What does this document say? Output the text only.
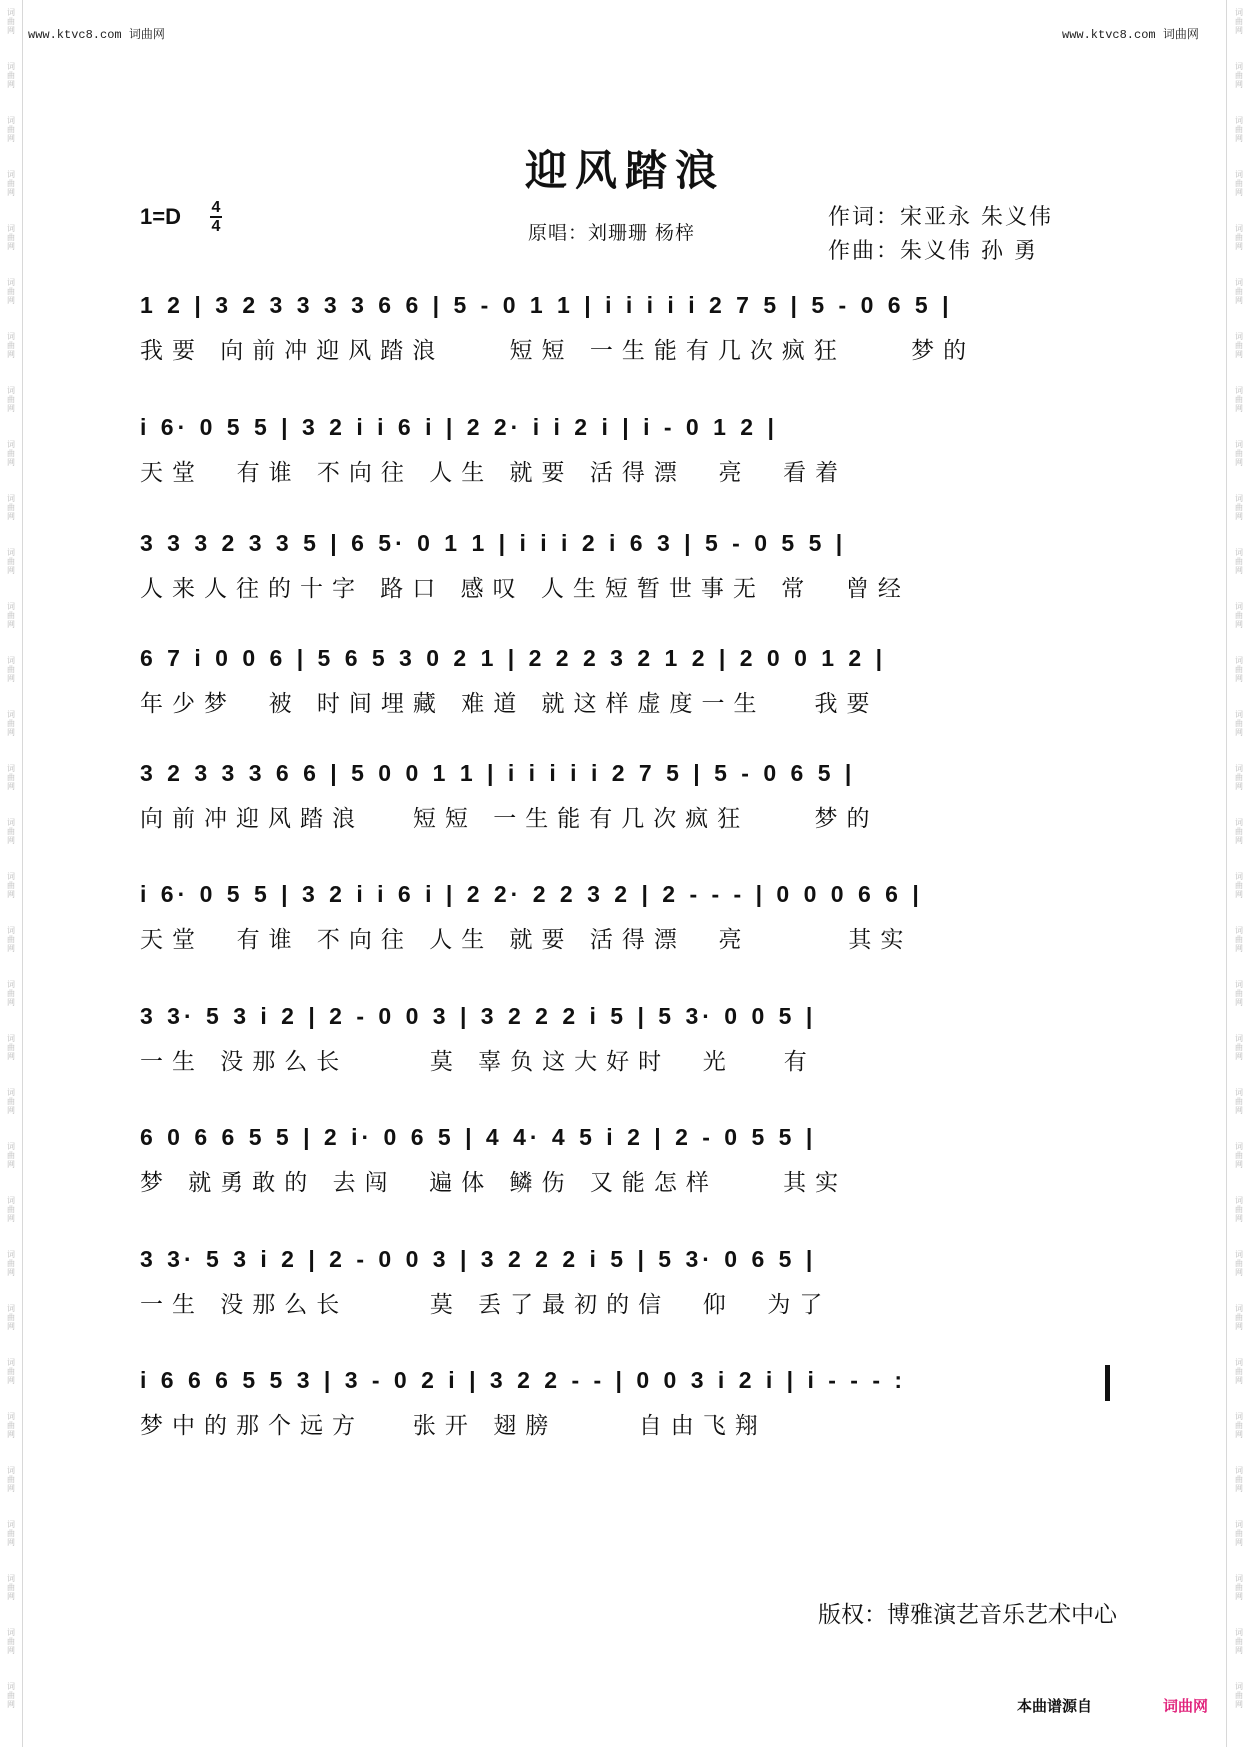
词曲网
词曲网
词曲网
词曲网
词曲网
词曲网
词曲网
词曲网
词曲网
词曲网
词曲网
词曲网
词曲网
词曲网
词曲网
词曲网
词曲网
词曲网
词曲网
词曲网
词曲网
词曲网
词曲网
词曲网
词曲网
词曲网
词曲网
词曲网
词曲网
词曲网
词曲网
词曲网
词曲网
词曲网
词曲网
词曲网
词曲网
词曲网
词曲网
词曲网
词曲网
词曲网
词曲网
词曲网
词曲网
词曲网
词曲网
词曲网
词曲网
词曲网
词曲网
词曲网
词曲网
词曲网
词曲网
词曲网
词曲网
词曲网
词曲网
词曲网
词曲网
词曲网
词曲网
词曲网
www.ktvc8.com 词曲网	www.ktvc8.com 词曲网
迎风踏浪
1=D 4
4	原唱：刘珊珊 杨梓
作词：宋亚永 朱义伟
作曲：朱义伟 孙 勇
1 2 | 3 2 3 3 3 3 6 6 | 5 - 0 1 1 | i i i i i 2 7 5 | 5 - 0 6 5 |
我要 向前冲迎风踏浪    短短 一生能有几次疯狂    梦的
i 6· 0 5 5 | 3 2 i i 6 i | 2 2· i i 2 i | i - 0 1 2 |
天堂  有谁 不向往 人生 就要 活得漂  亮  看着
3 3 3 2 3 3 5 | 6 5· 0 1 1 | i i i 2 i 6 3 | 5 - 0 5 5 |
人来人往的十字 路口 感叹 人生短暂世事无 常  曾经
6 7 i 0 0 6 | 5 6 5 3 0 2 1 | 2 2 2 3 2 1 2 | 2 0 0 1 2 |
年少梦  被 时间埋藏 难道 就这样虚度一生   我要
3 2 3 3 3 6 6 | 5 0 0 1 1 | i i i i i 2 7 5 | 5 - 0 6 5 |
向前冲迎风踏浪   短短 一生能有几次疯狂    梦的
i 6· 0 5 5 | 3 2 i i 6 i | 2 2· 2 2 3 2 | 2 - - - | 0 0 0 6 6 |
天堂  有谁 不向往 人生 就要 活得漂  亮      其实
3 3· 5 3 i 2 | 2 - 0 0 3 | 3 2 2 2 i 5 | 5 3· 0 0 5 |
一生 没那么长     莫 辜负这大好时  光   有
6 0 6 6 5 5 | 2 i· 0 6 5 | 4 4· 4 5 i 2 | 2 - 0 5 5 |
梦 就勇敢的 去闯  遍体 鳞伤 又能怎样    其实
3 3· 5 3 i 2 | 2 - 0 0 3 | 3 2 2 2 i 5 | 5 3· 0 6 5 |
一生 没那么长     莫 丢了最初的信  仰  为了
i 6 6 6 5 5 3 | 3 - 0 2 i | 3 2 2 - - | 0 0 3 i 2 i | i - - - :
梦中的那个远方   张开 翅膀     自由飞翔
版权：博雅演艺音乐艺术中心
本曲谱源自	词曲网
